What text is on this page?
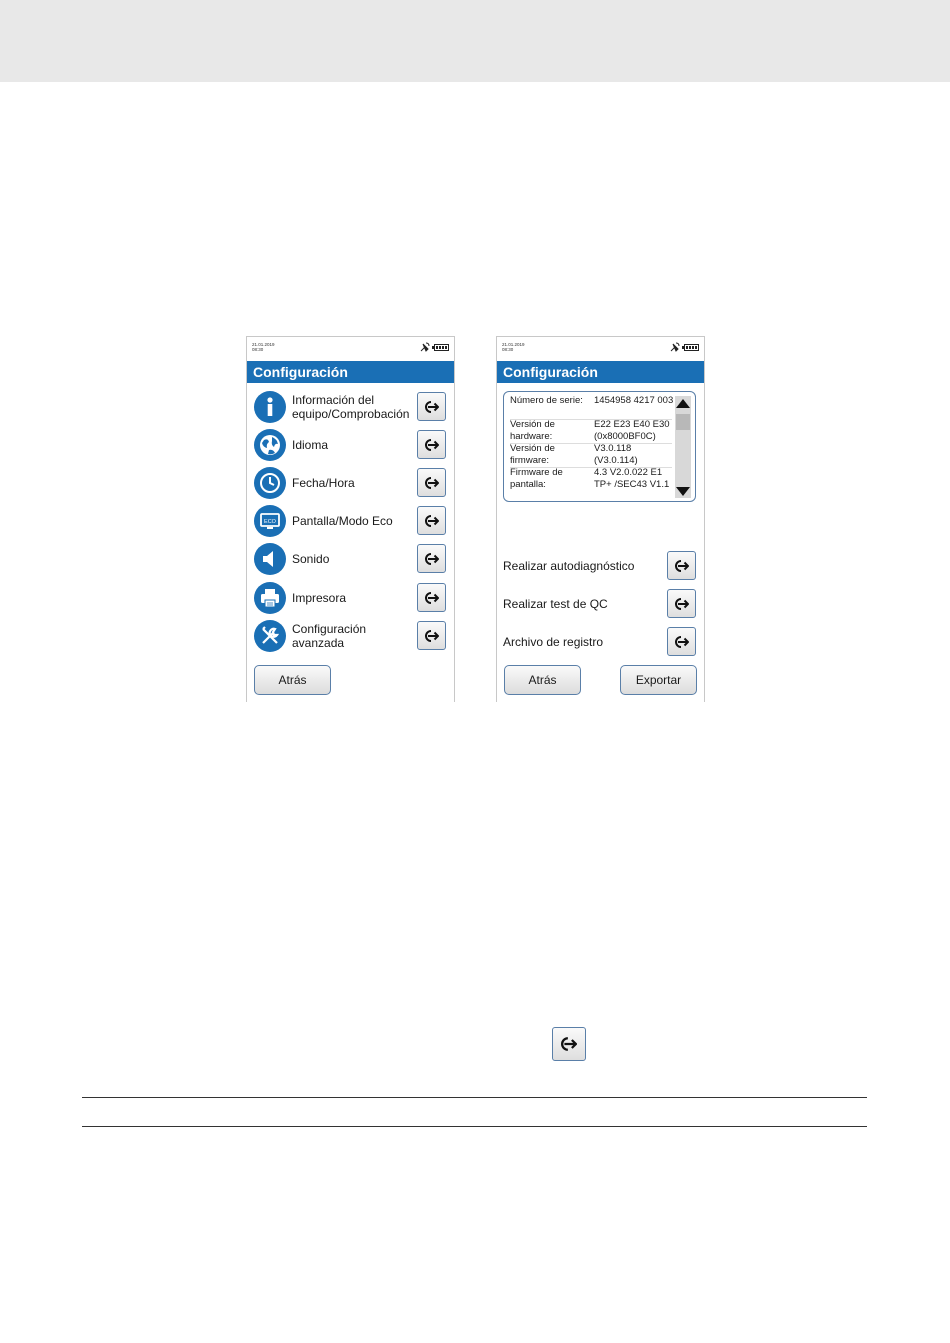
21.01.2019
08:30
Configuración
Información del equipo/Comprobación
Idioma
Fecha/Hora
ECO Pantalla/Modo Eco
Sonido
Impresora
Configuración avanzada
Atrás
21.01.2019
08:30
Configuración
Número de serie:	1454958 4217 003
Versión de hardware:
E22 E23 E40 E30 (0x8000BF0C)
Versión de firmware:
V3.0.118 (V3.0.114)
Firmware de pantalla:
4.3 V2.0.022 E1 TP+ /SEC43 V1.1
Realizar autodiagnóstico
Realizar test de QC
Archivo de registro
Atrás	Exportar
